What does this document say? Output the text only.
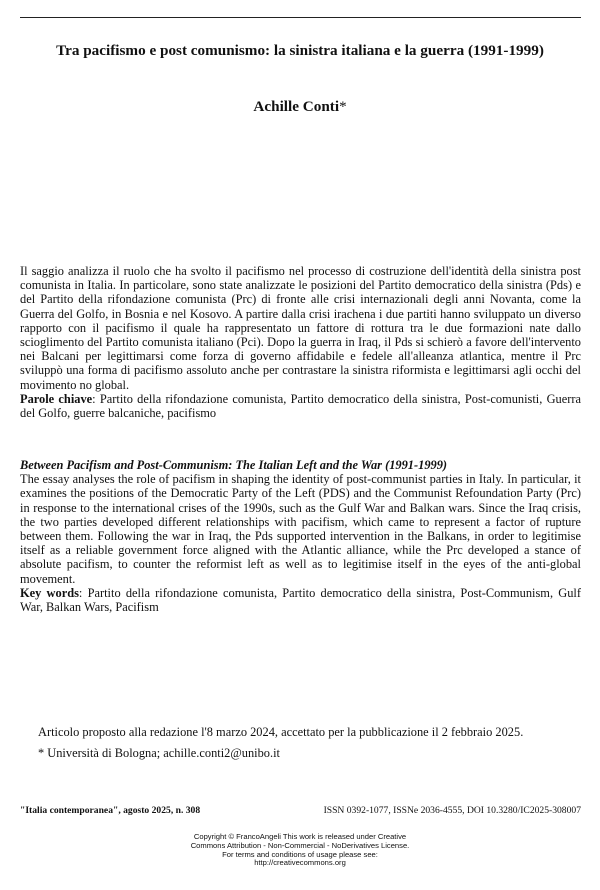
Tra pacifismo e post comunismo: la sinistra italiana e la guerra (1991-1999)
Achille Conti*
Il saggio analizza il ruolo che ha svolto il pacifismo nel processo di costruzione dell'identità della sinistra post comunista in Italia. In particolare, sono state analizzate le posizioni del Partito democratico della sinistra (Pds) e del Partito della rifondazione comunista (Prc) di fronte alle crisi internazionali degli anni Novanta, come la Guerra del Golfo, in Bosnia e nel Kosovo. A partire dalla crisi irachena i due partiti hanno sviluppato un diverso rapporto con il pacifismo il quale ha rappresentato un fattore di rottura tra le due formazioni nate dallo scioglimento del Partito comunista italiano (Pci). Dopo la guerra in Iraq, il Pds si schierò a favore dell'intervento nei Balcani per legittimarsi come forza di governo affidabile e fedele all'alleanza atlantica, mentre il Prc sviluppò una forma di pacifismo assoluto anche per contrastare la sinistra riformista e legittimarsi agli occhi del movimento no global.
Parole chiave: Partito della rifondazione comunista, Partito democratico della sinistra, Post-comunisti, Guerra del Golfo, guerre balcaniche, pacifismo
Between Pacifism and Post-Communism: The Italian Left and the War (1991-1999)
The essay analyses the role of pacifism in shaping the identity of post-communist parties in Italy. In particular, it examines the positions of the Democratic Party of the Left (PDS) and the Communist Refoundation Party (Prc) in response to the international crises of the 1990s, such as the Gulf War and Balkan wars. Since the Iraq crisis, the two parties developed different relationships with pacifism, which came to represent a factor of rupture between them. Following the war in Iraq, the Pds supported intervention in the Balkans, in order to legitimise itself as a reliable government force aligned with the Atlantic alliance, while the Prc developed a stance of absolute pacifism, to counter the reformist left as well as to legitimise itself in the eyes of the anti-global movement.
Key words: Partito della rifondazione comunista, Partito democratico della sinistra, Post-Communism, Gulf War, Balkan Wars, Pacifism

Articolo proposto alla redazione l'8 marzo 2024, accettato per la pubblicazione il 2 febbraio 2025.

* Università di Bologna; achille.conti2@unibo.it

"Italia contemporanea", agosto 2025, n. 308	ISSN 0392-1077, ISSNe 2036-4555, DOI 10.3280/IC2025-308007
Copyright © FrancoAngeli This work is released under Creative
Commons Attribution - Non-Commercial - NoDerivatives License.
For terms and conditions of usage please see:
http://creativecommons.org
